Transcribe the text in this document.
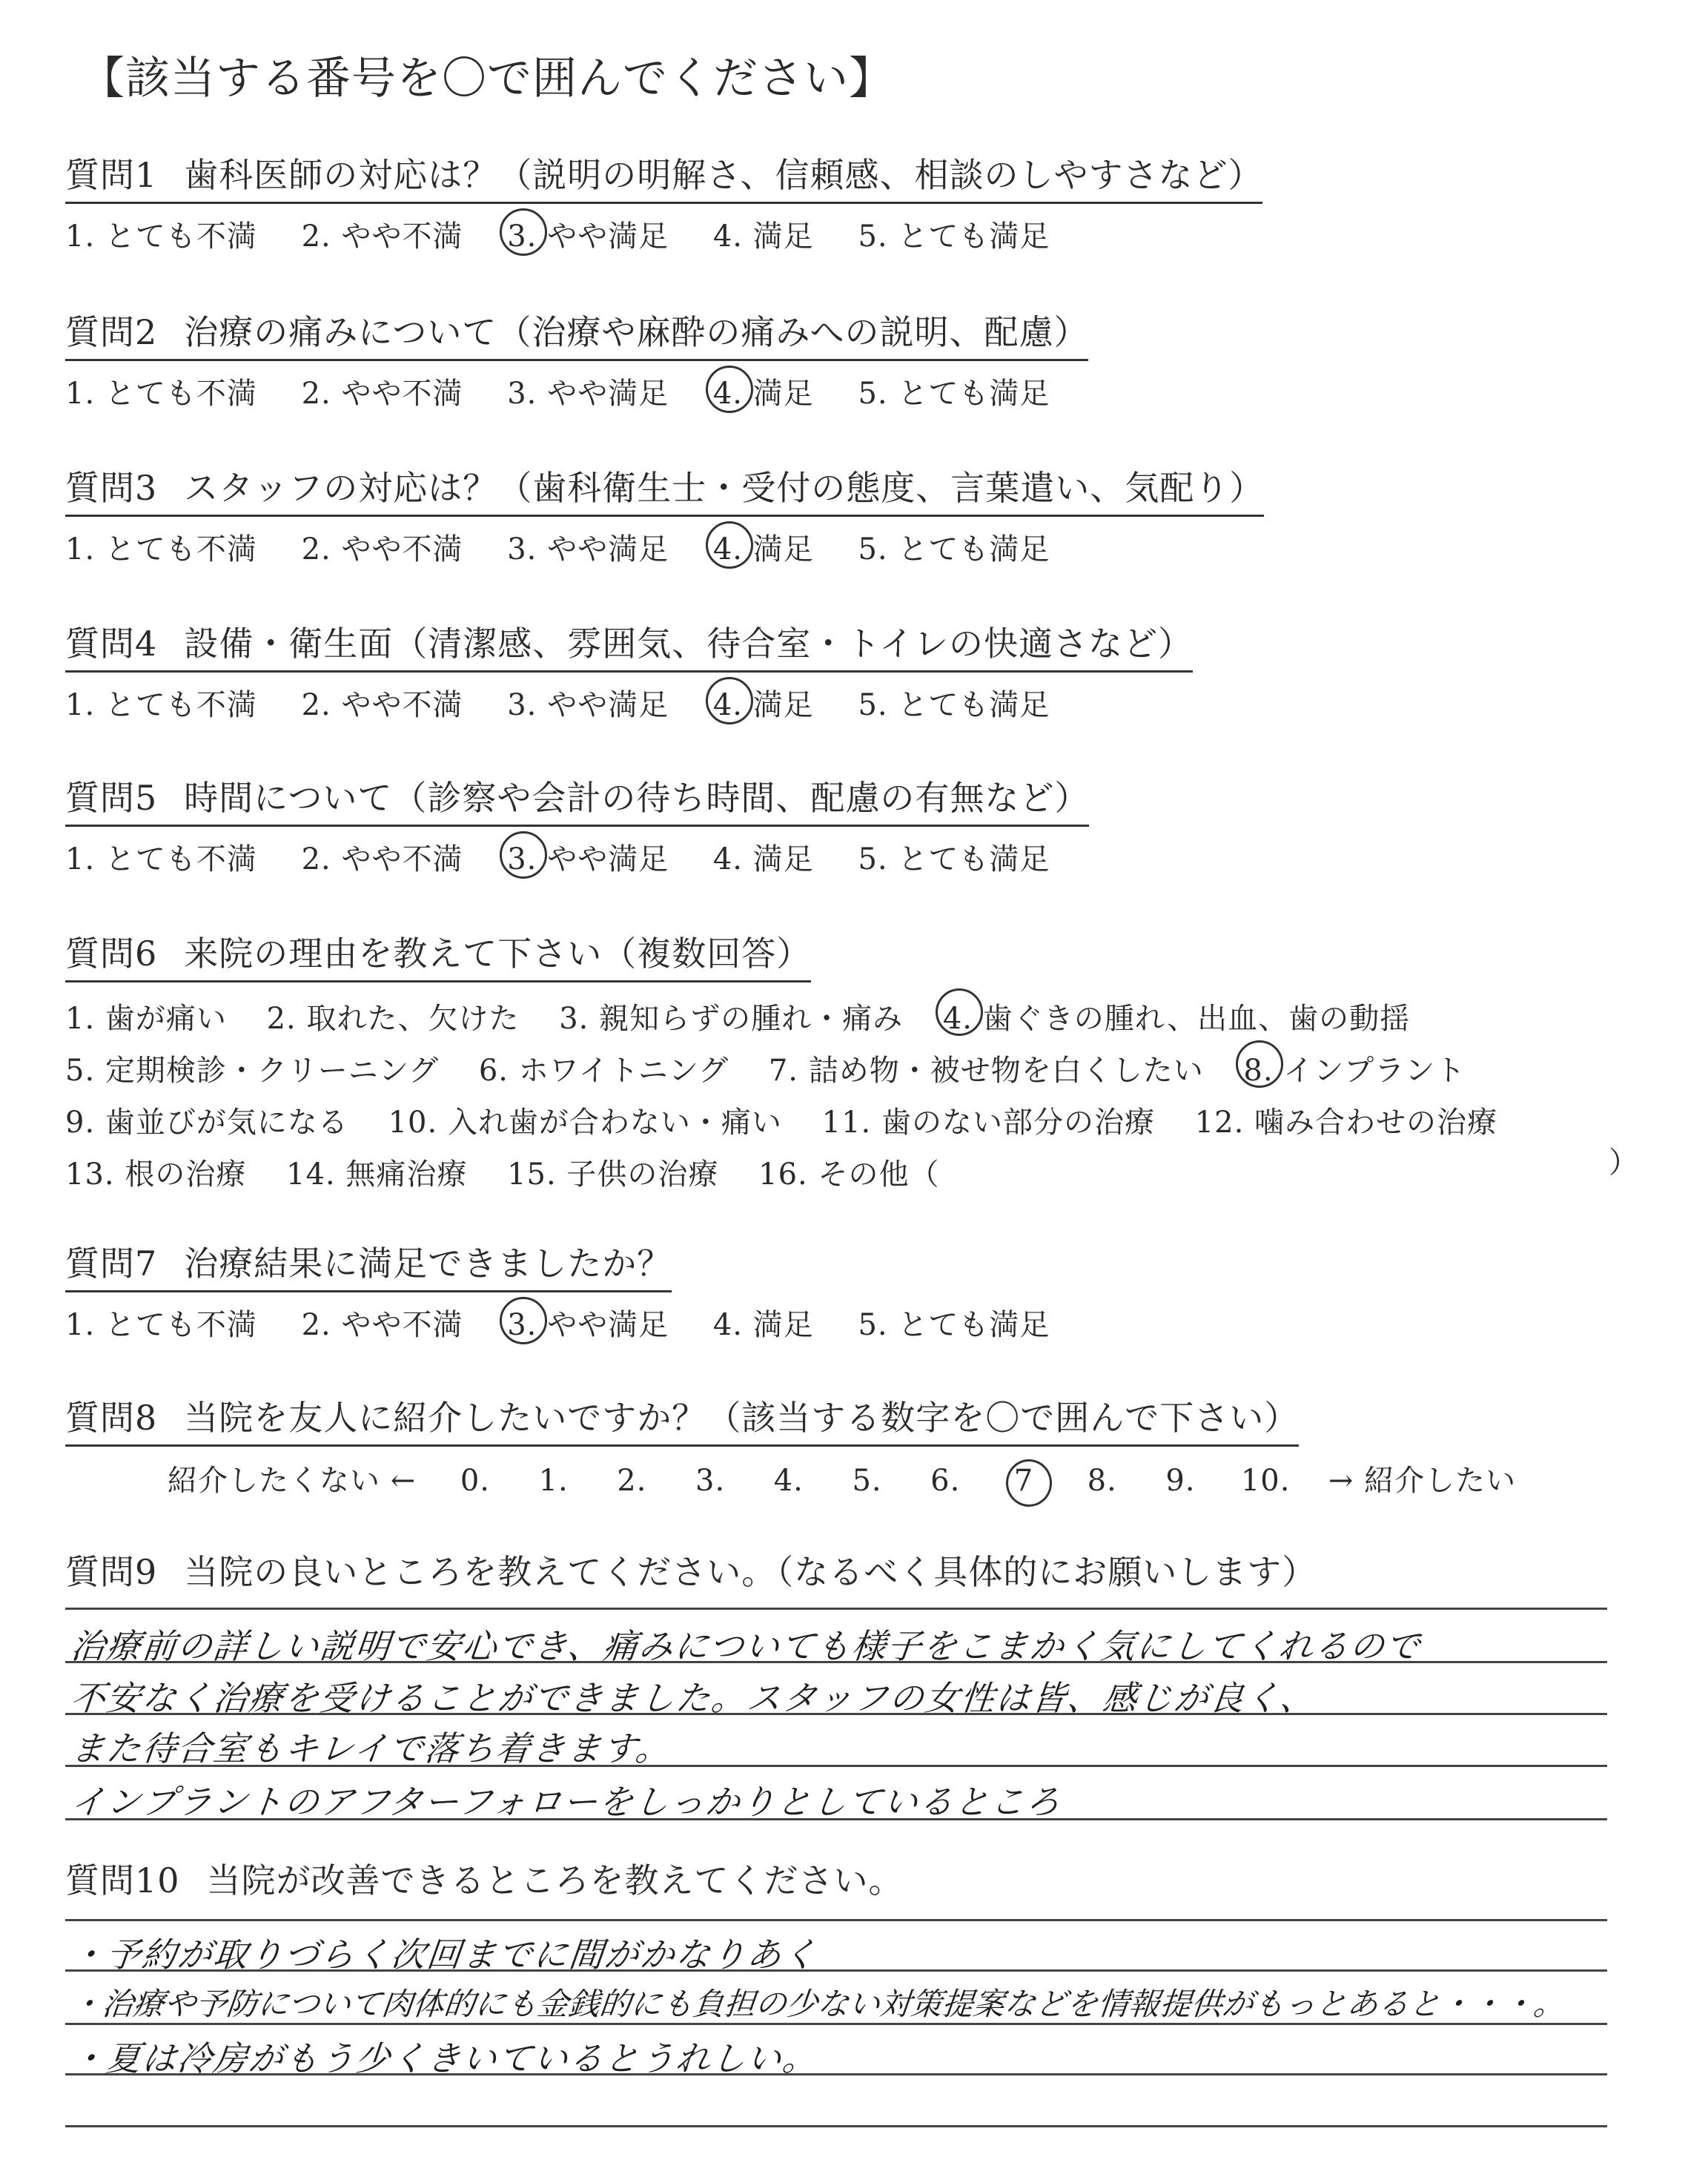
【該当する番号を〇で囲んでください】
質問1 歯科医師の対応は？（説明の明解さ、信頼感、相談のしやすさなど）
1. とても不満 2. やや不満 3. やや満足 4. 満足 5. とても満足
質問2 治療の痛みについて（治療や麻酔の痛みへの説明、配慮）
1. とても不満 2. やや不満 3. やや満足 4. 満足 5. とても満足
質問3 スタッフの対応は？（歯科衛生士・受付の態度、言葉遣い、気配り）
1. とても不満 2. やや不満 3. やや満足 4. 満足 5. とても満足
質問4 設備・衛生面（清潔感、雰囲気、待合室・トイレの快適さなど）
1. とても不満 2. やや不満 3. やや満足 4. 満足 5. とても満足
質問5 時間について（診察や会計の待ち時間、配慮の有無など）
1. とても不満 2. やや不満 3. やや満足 4. 満足 5. とても満足
質問6 来院の理由を教えて下さい（複数回答）
1. 歯が痛い 2. 取れた、欠けた 3. 親知らずの腫れ・痛み 4. 歯ぐきの腫れ、出血、歯の動揺
5. 定期検診・クリーニング 6. ホワイトニング 7. 詰め物・被せ物を白くしたい 8. インプラント
9. 歯並びが気になる 10. 入れ歯が合わない・痛い 11. 歯のない部分の治療 12. 噛み合わせの治療
13. 根の治療 14. 無痛治療 15. 子供の治療 16. その他（	）
質問7 治療結果に満足できましたか？
1. とても不満 2. やや不満 3. やや満足 4. 満足 5. とても満足
質問8 当院を友人に紹介したいですか？（該当する数字を〇で囲んで下さい）
紹介したくない ← 0. 1. 2. 3. 4. 5. 6. 7 8. 9. 10. → 紹介したい
質問9 当院の良いところを教えてください。（なるべく具体的にお願いします）
治療前の詳しい説明で安心でき、痛みについても様子をこまかく気にしてくれるので
不安なく治療を受けることができました。スタッフの女性は皆、感じが良く、
また待合室もキレイで落ち着きます。
インプラントのアフターフォローをしっかりとしているところ
質問10 当院が改善できるところを教えてください。
・予約が取りづらく次回までに間がかなりあく
・治療や予防について肉体的にも金銭的にも負担の少ない対策提案などを情報提供がもっとあると・・・。
・夏は冷房がもう少くきいているとうれしい。
